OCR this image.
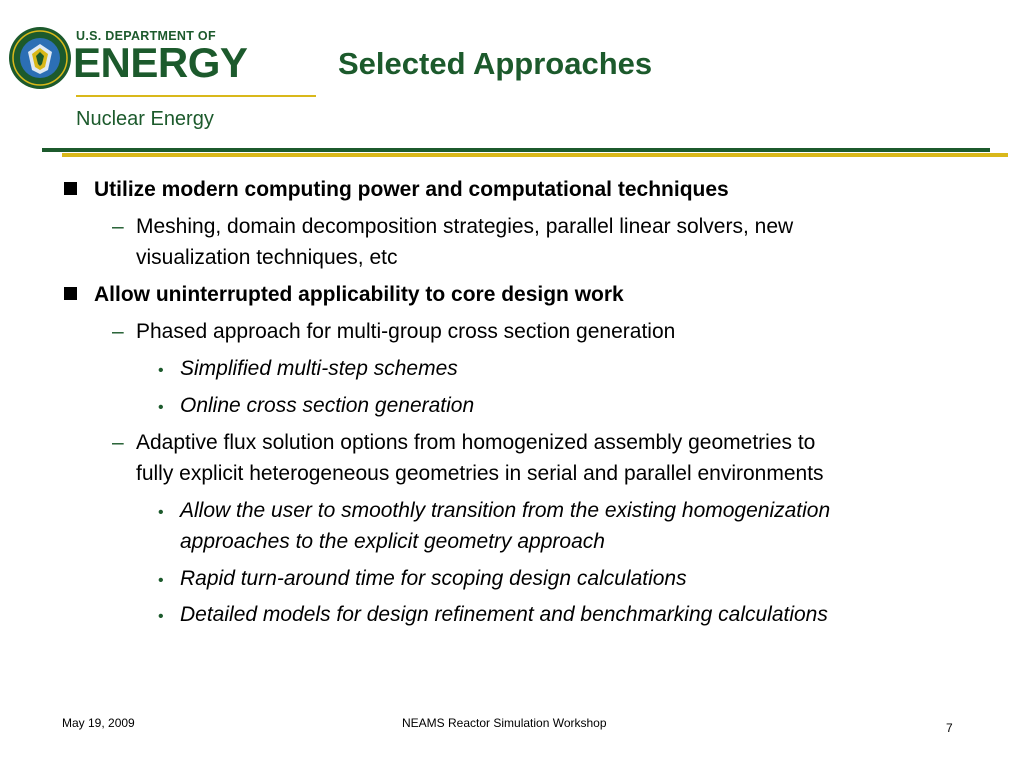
U.S. DEPARTMENT OF
ENERGY
Nuclear Energy
Selected Approaches
Utilize modern computing power and computational techniques
– Meshing, domain decomposition strategies, parallel linear solvers, new
visualization techniques, etc
Allow uninterrupted applicability to core design work
– Phased approach for multi-group cross section generation
• Simplified multi-step schemes
• Online cross section generation
– Adaptive flux solution options from homogenized assembly geometries to
fully explicit heterogeneous geometries in serial and parallel environments
• Allow the user to smoothly transition from the existing homogenization
approaches to the explicit geometry approach
• Rapid turn-around time for scoping design calculations
• Detailed models for design refinement and benchmarking calculations
May 19, 2009	NEAMS Reactor Simulation Workshop	7
